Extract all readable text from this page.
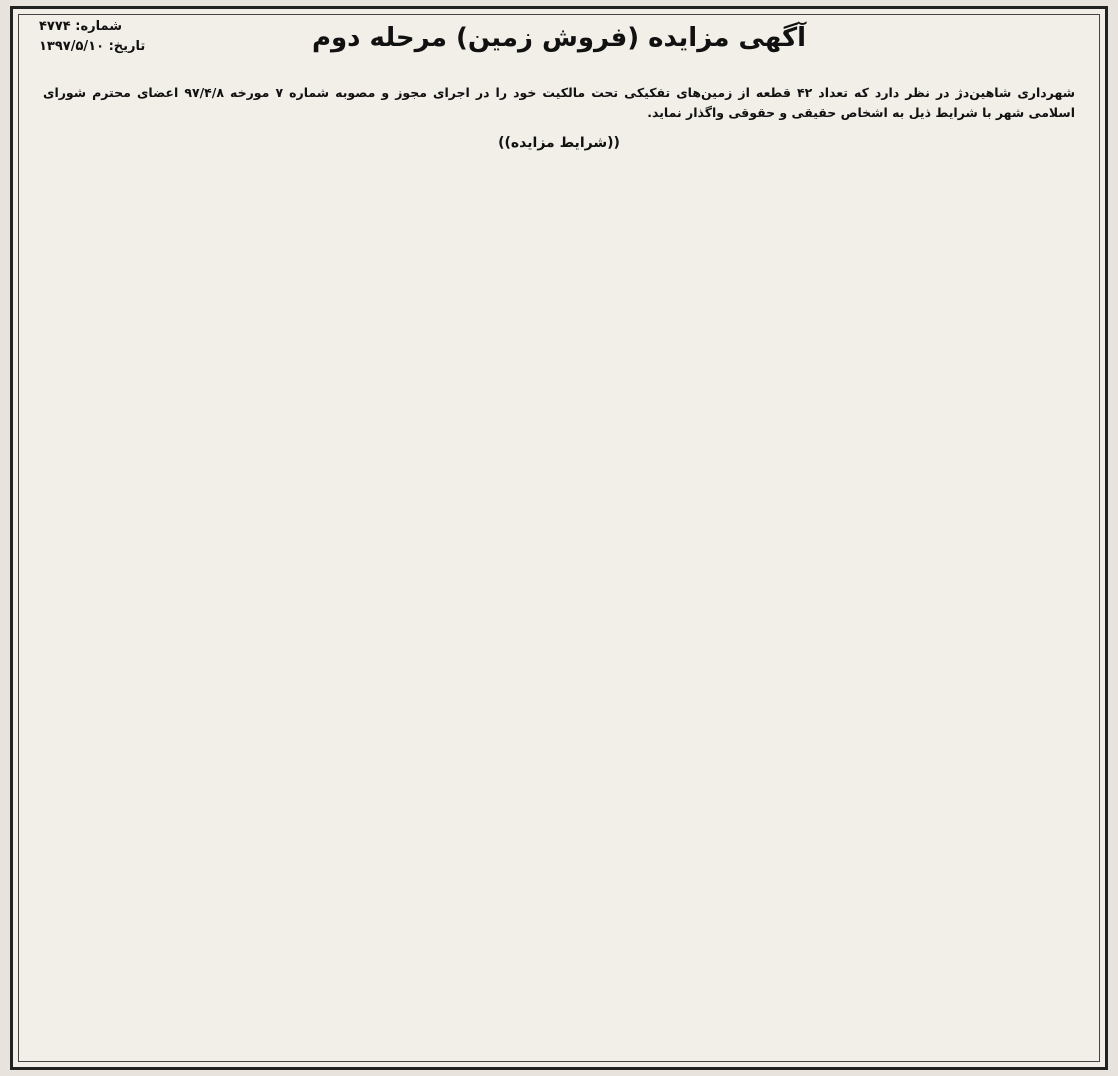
شماره: ۴۷۷۴
تاریخ: ۱۳۹۷/۵/۱۰	آگهی مزایده (فروش زمین) مرحله دوم
شهرداری شاهین‌دژ در نظر دارد که تعداد ۴۲ قطعه از زمین‌های تفکیکی تحت مالکیت خود را در اجرای مجوز و مصوبه شماره ۷ مورخه ۹۷/۴/۸ اعضای محترم شورای اسلامی شهر با شرایط ذیل به اشخاص حقیقی و حقوقی واگذار نماید.
((شرایط مزایده))
